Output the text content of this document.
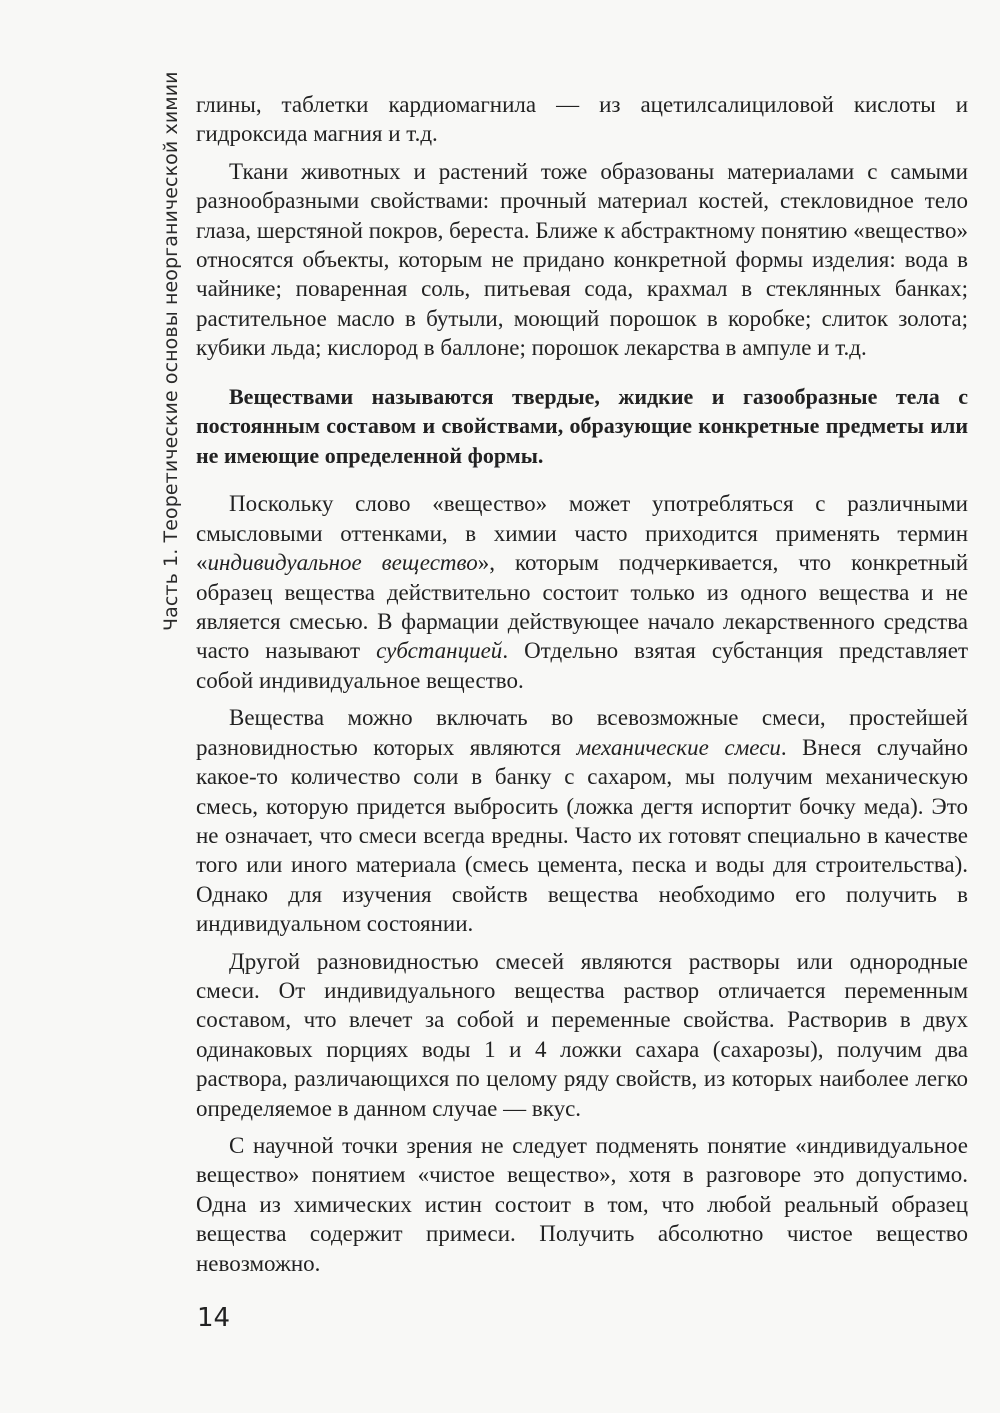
Часть 1. Теоретические основы неорганической химии глины, таблетки кардиомагнила — из ацетилсалициловой кислоты и гидроксида магния и т.д.

Ткани животных и растений тоже образованы материалами с самыми разнообразными свойствами: прочный материал костей, стекловидное тело глаза, шерстяной покров, береста. Ближе к абстрактному понятию «вещество» относятся объекты, которым не придано конкретной формы изделия: вода в чайнике; поваренная соль, питьевая сода, крахмал в стеклянных банках; растительное масло в бутыли, моющий порошок в коробке; слиток золота; кубики льда; кислород в баллоне; порошок лекарства в ампуле и т.д.

Веществами называются твердые, жидкие и газообразные тела с постоянным составом и свойствами, образующие конкретные предметы или не имеющие определенной формы.

Поскольку слово «вещество» может употребляться с различными смысловыми оттенками, в химии часто приходится применять термин «индивидуальное вещество», которым подчеркивается, что конкретный образец вещества действительно состоит только из одного вещества и не является смесью. В фармации действующее начало лекарственного средства часто называют субстанцией. Отдельно взятая субстанция представляет собой индивидуальное вещество.

Вещества можно включать во всевозможные смеси, простейшей разновидностью которых являются механические смеси. Внеся случайно какое-то количество соли в банку с сахаром, мы получим механическую смесь, которую придется выбросить (ложка дегтя испортит бочку меда). Это не означает, что смеси всегда вредны. Часто их готовят специально в качестве того или иного материала (смесь цемента, песка и воды для строительства). Однако для изучения свойств вещества необходимо его получить в индивидуальном состоянии.

Другой разновидностью смесей являются растворы или однородные смеси. От индивидуального вещества раствор отличается переменным составом, что влечет за собой и переменные свойства. Растворив в двух одинаковых порциях воды 1 и 4 ложки сахара (сахарозы), получим два раствора, различающихся по целому ряду свойств, из которых наиболее легко определяемое в данном случае — вкус.

С научной точки зрения не следует подменять понятие «индивидуальное вещество» понятием «чистое вещество», хотя в разговоре это допустимо. Одна из химических истин состоит в том, что любой реальный образец вещества содержит примеси. Получить абсолютно чистое вещество невозможно.

14
